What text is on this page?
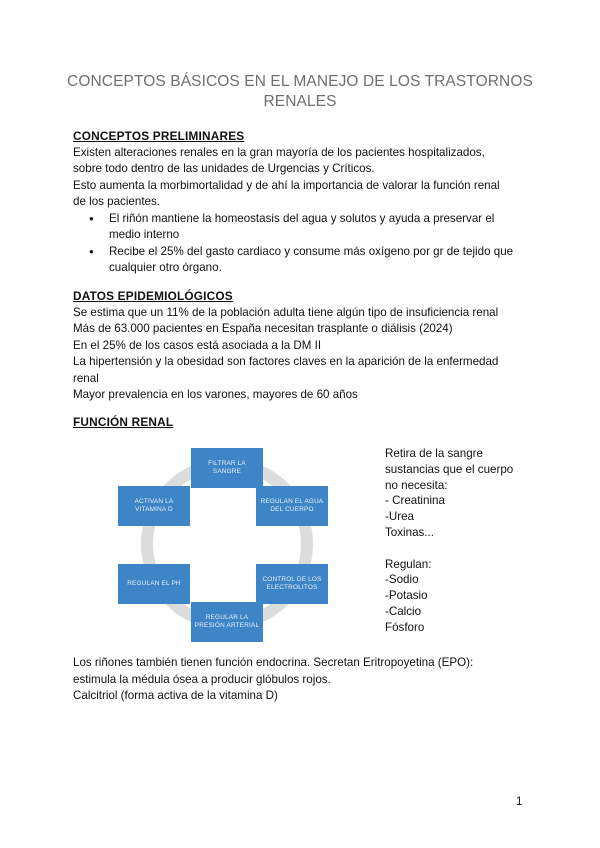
CONCEPTOS BÁSICOS EN EL MANEJO DE LOS TRASTORNOS RENALES
CONCEPTOS PRELIMINARES
Existen alteraciones renales en la gran mayoría de los pacientes hospitalizados,
sobre todo dentro de las unidades de Urgencias y Críticos.
Esto aumenta la morbimortalidad y de ahí la importancia de valorar la función renal
de los pacientes.
● El riñón mantiene la homeostasis del agua y solutos y ayuda a preservar el medio interno
● Recibe el 25% del gasto cardiaco y consume más oxígeno por gr de tejido que cualquier otro órgano.
DATOS EPIDEMIOLÓGICOS
Se estima que un 11% de la población adulta tiene algún tipo de insuficiencia renal
Más de 63.000 pacientes en España necesitan trasplante o diálisis (2024)
En el 25% de los casos está asociada a la DM II
La hipertensión y la obesidad son factores claves en la aparición de la enfermedad
renal
Mayor prevalencia en los varones, mayores de 60 años
FUNCIÓN RENAL
FILTRAR LA SANGRE
REGULAN EL AGUA DEL CUERPO
CONTROL DE LOS ELECTROLITOS
REGULAR LA PRESIÓN ARTERIAL
REGULAN EL PH
ACTIVAN LA VITAMINA D
Retira de la sangre
sustancias que el cuerpo
no necesita:
- Creatinina
-Urea
Toxinas...
Regulan:
-Sodio
-Potasio
-Calcio
Fósforo
Los riñones también tienen función endocrina. Secretan Eritropoyetina (EPO):
estimula la médula ósea a producir glóbulos rojos.
Calcitriol (forma activa de la vitamina D)
1
